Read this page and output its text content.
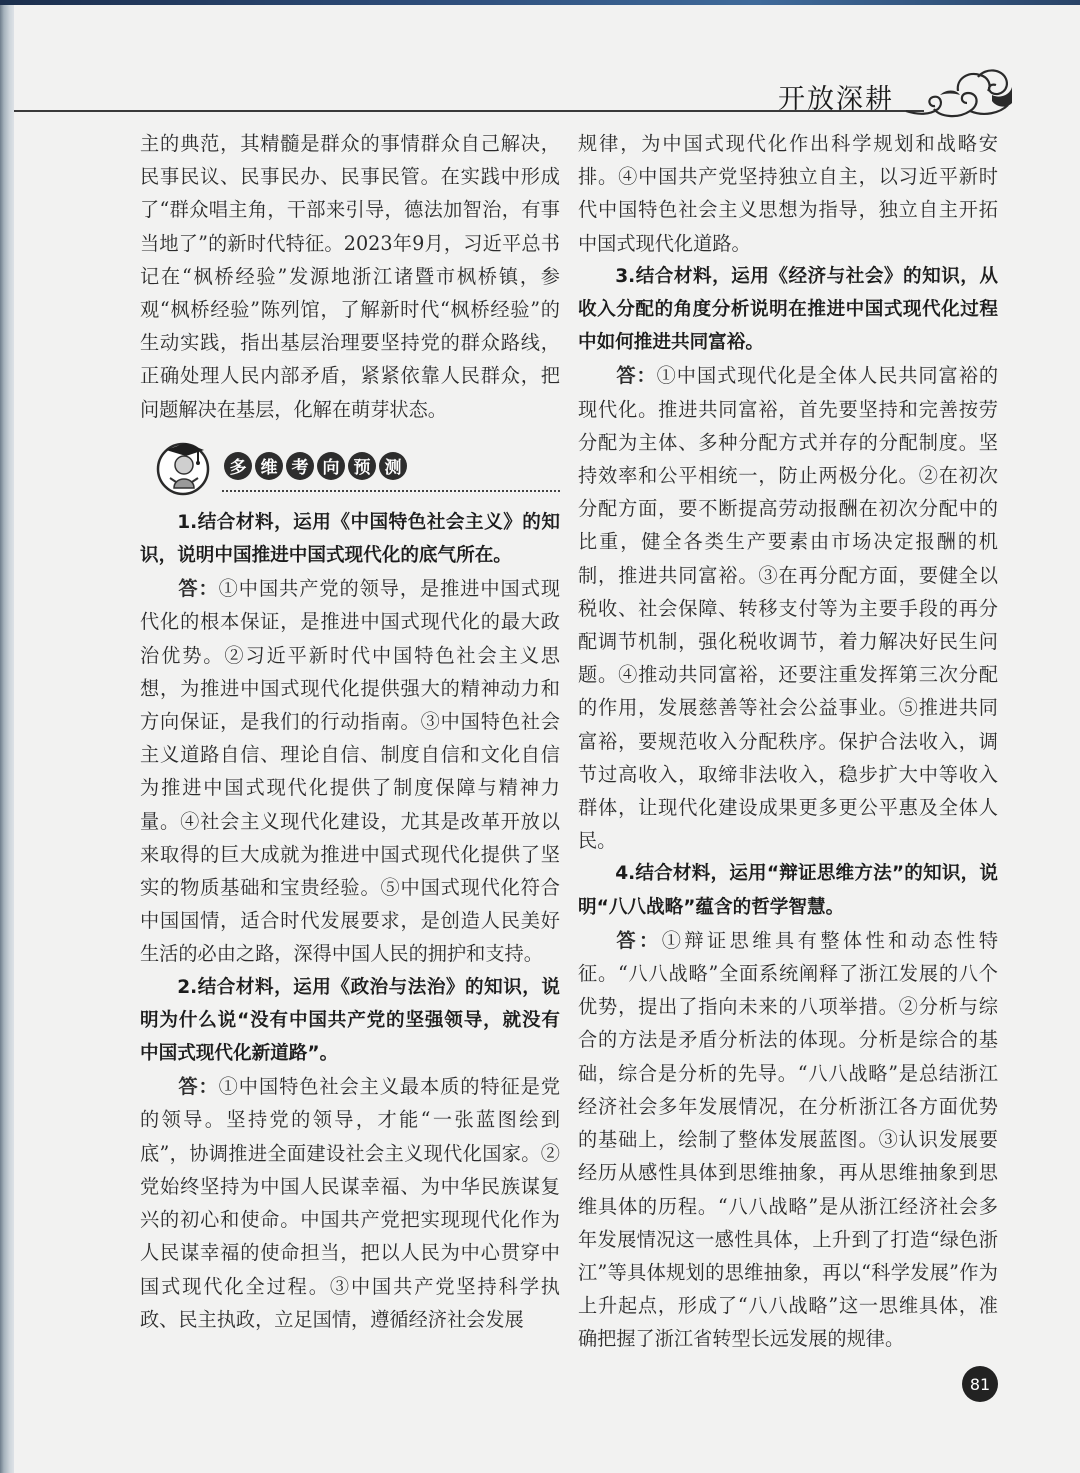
开放深耕

主的典范，其精髓是群众的事情群众自己解决，民事民议、民事民办、民事民管。在实践中形成了“群众唱主角，干部来引导，德法加智治，有事当地了”的新时代特征。2023年9月，习近平总书记在“枫桥经验”发源地浙江诸暨市枫桥镇，参观“枫桥经验”陈列馆，了解新时代“枫桥经验”的生动实践，指出基层治理要坚持党的群众路线，正确处理人民内部矛盾，紧紧依靠人民群众，把问题解决在基层，化解在萌芽状态。

多 维 考 向 预 测

1.结合材料，运用《中国特色社会主义》的知识，说明中国推进中国式现代化的底气所在。

答：①中国共产党的领导，是推进中国式现代化的根本保证，是推进中国式现代化的最大政治优势。②习近平新时代中国特色社会主义思想，为推进中国式现代化提供强大的精神动力和方向保证，是我们的行动指南。③中国特色社会主义道路自信、理论自信、制度自信和文化自信为推进中国式现代化提供了制度保障与精神力量。④社会主义现代化建设，尤其是改革开放以来取得的巨大成就为推进中国式现代化提供了坚实的物质基础和宝贵经验。⑤中国式现代化符合中国国情，适合时代发展要求，是创造人民美好生活的必由之路，深得中国人民的拥护和支持。

2.结合材料，运用《政治与法治》的知识，说明为什么说“没有中国共产党的坚强领导，就没有中国式现代化新道路”。

答：①中国特色社会主义最本质的特征是党的领导。坚持党的领导，才能“一张蓝图绘到底”，协调推进全面建设社会主义现代化国家。②党始终坚持为中国人民谋幸福、为中华民族谋复兴的初心和使命。中国共产党把实现现代化作为人民谋幸福的使命担当，把以人民为中心贯穿中国式现代化全过程。③中国共产党坚持科学执政、民主执政，立足国情，遵循经济社会发展

规律，为中国式现代化作出科学规划和战略安排。④中国共产党坚持独立自主，以习近平新时代中国特色社会主义思想为指导，独立自主开拓中国式现代化道路。

3.结合材料，运用《经济与社会》的知识，从收入分配的角度分析说明在推进中国式现代化过程中如何推进共同富裕。

答：①中国式现代化是全体人民共同富裕的现代化。推进共同富裕，首先要坚持和完善按劳分配为主体、多种分配方式并存的分配制度。坚持效率和公平相统一，防止两极分化。②在初次分配方面，要不断提高劳动报酬在初次分配中的比重，健全各类生产要素由市场决定报酬的机制，推进共同富裕。③在再分配方面，要健全以税收、社会保障、转移支付等为主要手段的再分配调节机制，强化税收调节，着力解决好民生问题。④推动共同富裕，还要注重发挥第三次分配的作用，发展慈善等社会公益事业。⑤推进共同富裕，要规范收入分配秩序。保护合法收入，调节过高收入，取缔非法收入，稳步扩大中等收入群体，让现代化建设成果更多更公平惠及全体人民。

4.结合材料，运用“辩证思维方法”的知识，说明“八八战略”蕴含的哲学智慧。

答：①辩证思维具有整体性和动态性特征。“八八战略”全面系统阐释了浙江发展的八个优势，提出了指向未来的八项举措。②分析与综合的方法是矛盾分析法的体现。分析是综合的基础，综合是分析的先导。“八八战略”是总结浙江经济社会多年发展情况，在分析浙江各方面优势的基础上，绘制了整体发展蓝图。③认识发展要经历从感性具体到思维抽象，再从思维抽象到思维具体的历程。“八八战略”是从浙江经济社会多年发展情况这一感性具体，上升到了打造“绿色浙江”等具体规划的思维抽象，再以“科学发展”作为上升起点，形成了“八八战略”这一思维具体，准确把握了浙江省转型长远发展的规律。

81
